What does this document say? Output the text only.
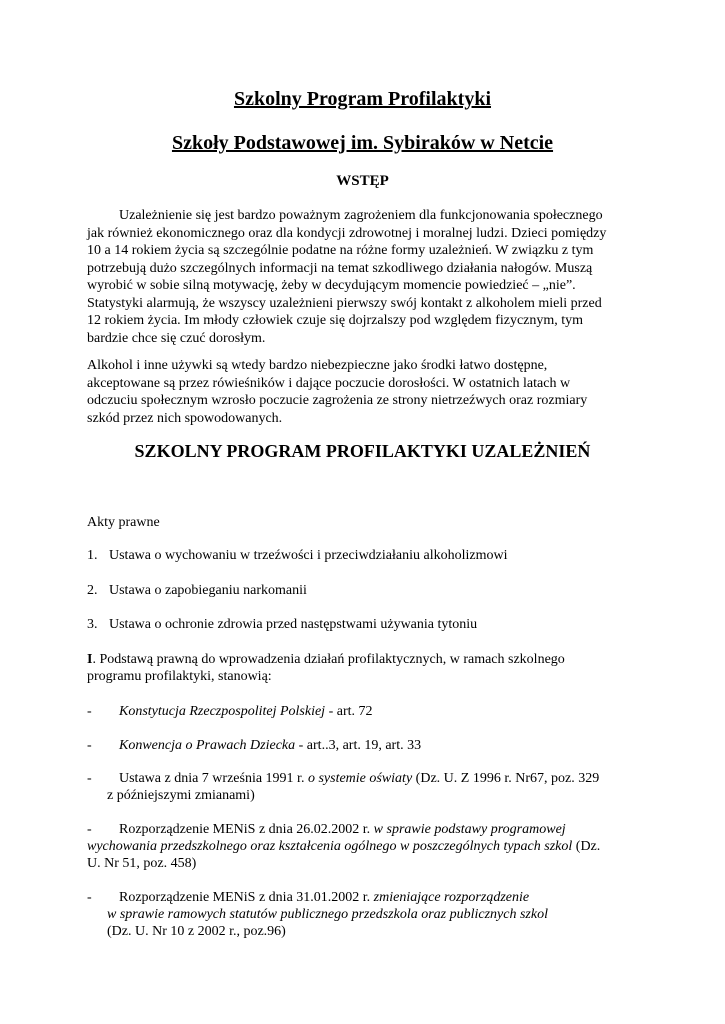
Szkolny Program Profilaktyki
Szkoły Podstawowej im. Sybiraków w Netcie
WSTĘP

Uzależnienie się jest bardzo poważnym zagrożeniem dla funkcjonowania społecznego

jak również ekonomicznego oraz dla kondycji zdrowotnej i moralnej ludzi. Dzieci pomiędzy

10 a 14 rokiem życia są szczególnie podatne na różne formy uzależnień. W związku z tym

potrzebują dużo szczególnych informacji na temat szkodliwego działania nałogów. Muszą

wyrobić w sobie silną motywację, żeby w decydującym momencie powiedzieć – „nie”.

Statystyki alarmują, że wszyscy uzależnieni pierwszy swój kontakt z alkoholem mieli przed

12 rokiem życia. Im młody człowiek czuje się dojrzalszy pod względem fizycznym, tym

bardzie chce się czuć dorosłym.

Alkohol i inne używki są wtedy bardzo niebezpieczne jako środki łatwo dostępne,

akceptowane są przez rówieśników i dające poczucie dorosłości. W ostatnich latach w

odczuciu społecznym wzrosło poczucie zagrożenia ze strony nietrzeźwych oraz rozmiary

szkód przez nich spowodowanych.

SZKOLNY PROGRAM PROFILAKTYKI UZALEŻNIEŃ
Akty prawne
1. Ustawa o wychowaniu w trzeźwości i przeciwdziałaniu alkoholizmowi
2. Ustawa o zapobieganiu narkomanii
3. Ustawa o ochronie zdrowia przed następstwami używania tytoniu
I. Podstawą prawną do wprowadzenia działań profilaktycznych, w ramach szkolnego
programu profilaktyki, stanowią:
- Konstytucja Rzeczpospolitej Polskiej - art. 72
- Konwencja o Prawach Dziecka - art..3, art. 19, art. 33
- Ustawa z dnia 7 września 1991 r. o systemie oświaty (Dz. U. Z 1996 r. Nr67, poz. 329
z późniejszymi zmianami)
- Rozporządzenie MENiS z dnia 26.02.2002 r. w sprawie podstawy programowej
wychowania przedszkolnego oraz kształcenia ogólnego w poszczególnych typach szkol (Dz.
U. Nr 51, poz. 458)
- Rozporządzenie MENiS z dnia 31.01.2002 r. zmieniające rozporządzenie
w sprawie ramowych statutów publicznego przedszkola oraz publicznych szkol
(Dz. U. Nr 10 z 2002 r., poz.96)
